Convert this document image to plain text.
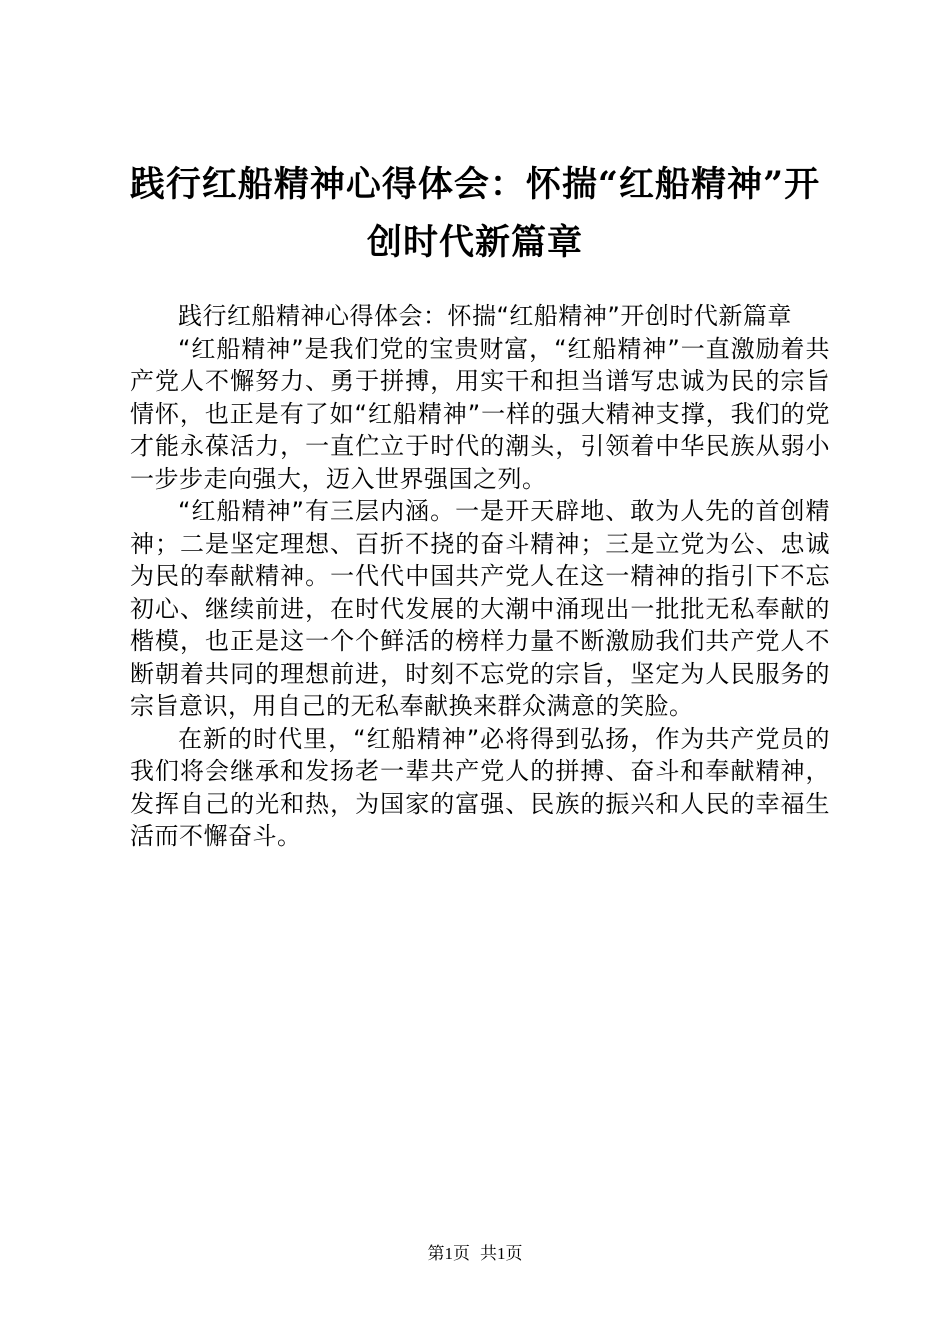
践行红船精神心得体会：怀揣“红船精神”开创时代新篇章

践行红船精神心得体会：怀揣“红船精神”开创时代新篇章

“红船精神”是我们党的宝贵财富，“红船精神”一直激励着共产党人不懈努力、勇于拼搏，用实干和担当谱写忠诚为民的宗旨情怀，也正是有了如“红船精神”一样的强大精神支撑，我们的党才能永葆活力，一直伫立于时代的潮头，引领着中华民族从弱小一步步走向强大，迈入世界强国之列。

“红船精神”有三层内涵。一是开天辟地、敢为人先的首创精神；二是坚定理想、百折不挠的奋斗精神；三是立党为公、忠诚为民的奉献精神。一代代中国共产党人在这一精神的指引下不忘初心、继续前进，在时代发展的大潮中涌现出一批批无私奉献的楷模，也正是这一个个鲜活的榜样力量不断激励我们共产党人不断朝着共同的理想前进，时刻不忘党的宗旨，坚定为人民服务的宗旨意识，用自己的无私奉献换来群众满意的笑脸。

在新的时代里，“红船精神”必将得到弘扬，作为共产党员的我们将会继承和发扬老一辈共产党人的拼搏、奋斗和奉献精神，发挥自己的光和热，为国家的富强、民族的振兴和人民的幸福生活而不懈奋斗。

第1页 共1页
